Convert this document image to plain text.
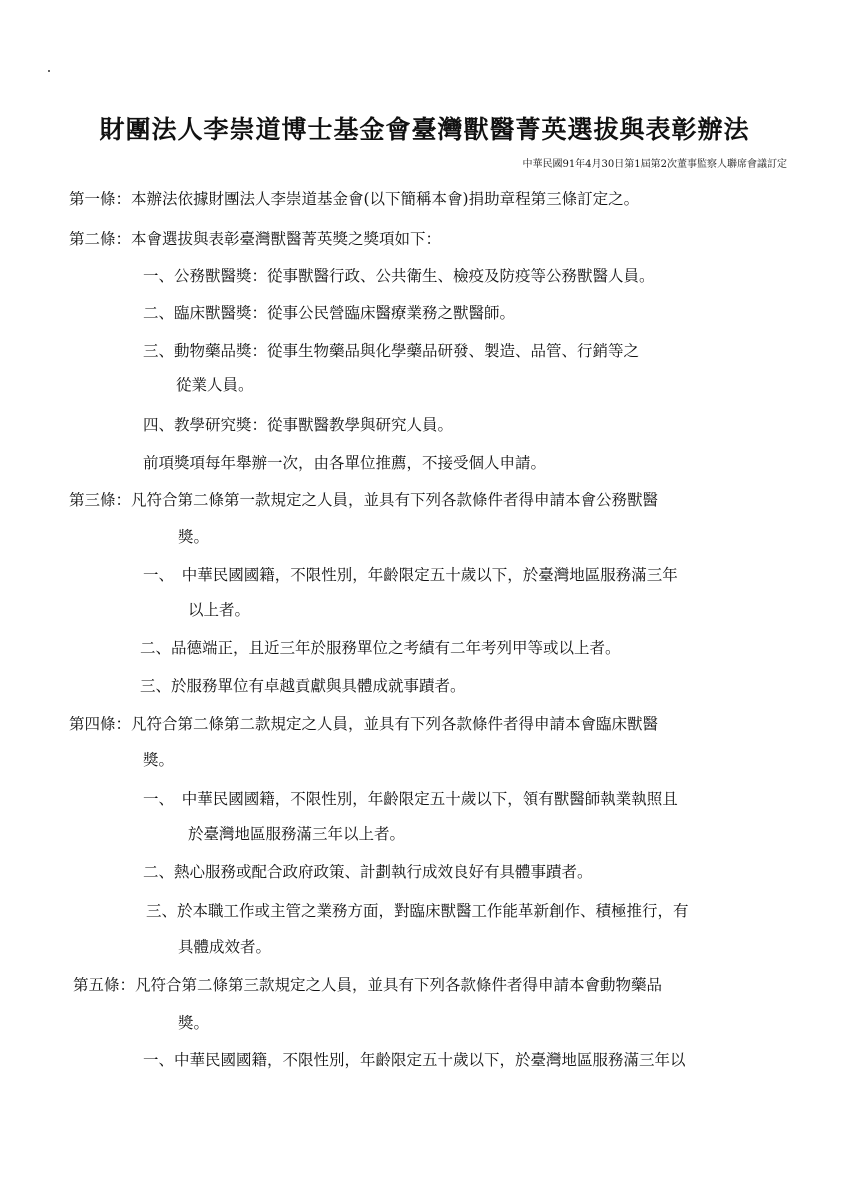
財團法人李崇道博士基金會臺灣獸醫菁英選拔與表彰辦法
中華民國91年4月30日第1屆第2次董事監察人聯席會議訂定
第一條：本辦法依據財團法人李崇道基金會(以下簡稱本會)捐助章程第三條訂定之。
第二條：本會選拔與表彰臺灣獸醫菁英獎之獎項如下：
一、公務獸醫獎：從事獸醫行政、公共衛生、檢疫及防疫等公務獸醫人員。
二、臨床獸醫獎：從事公民營臨床醫療業務之獸醫師。
三、動物藥品獎：從事生物藥品與化學藥品研發、製造、品管、行銷等之
從業人員。
四、教學研究獎：從事獸醫教學與研究人員。
前項獎項每年舉辦一次，由各單位推薦，不接受個人申請。
第三條：凡符合第二條第一款規定之人員，並具有下列各款條件者得申請本會公務獸醫
獎。
一、　中華民國國籍，不限性別，年齡限定五十歲以下，於臺灣地區服務滿三年
以上者。
二、品德端正，且近三年於服務單位之考績有二年考列甲等或以上者。
三、於服務單位有卓越貢獻與具體成就事蹟者。
第四條：凡符合第二條第二款規定之人員，並具有下列各款條件者得申請本會臨床獸醫
獎。
一、　中華民國國籍，不限性別，年齡限定五十歲以下，領有獸醫師執業執照且
於臺灣地區服務滿三年以上者。
二、熱心服務或配合政府政策、計劃執行成效良好有具體事蹟者。
三、於本職工作或主管之業務方面，對臨床獸醫工作能革新創作、積極推行，有
具體成效者。
第五條：凡符合第二條第三款規定之人員，並具有下列各款條件者得申請本會動物藥品
獎。
一、中華民國國籍，不限性別，年齡限定五十歲以下，於臺灣地區服務滿三年以
